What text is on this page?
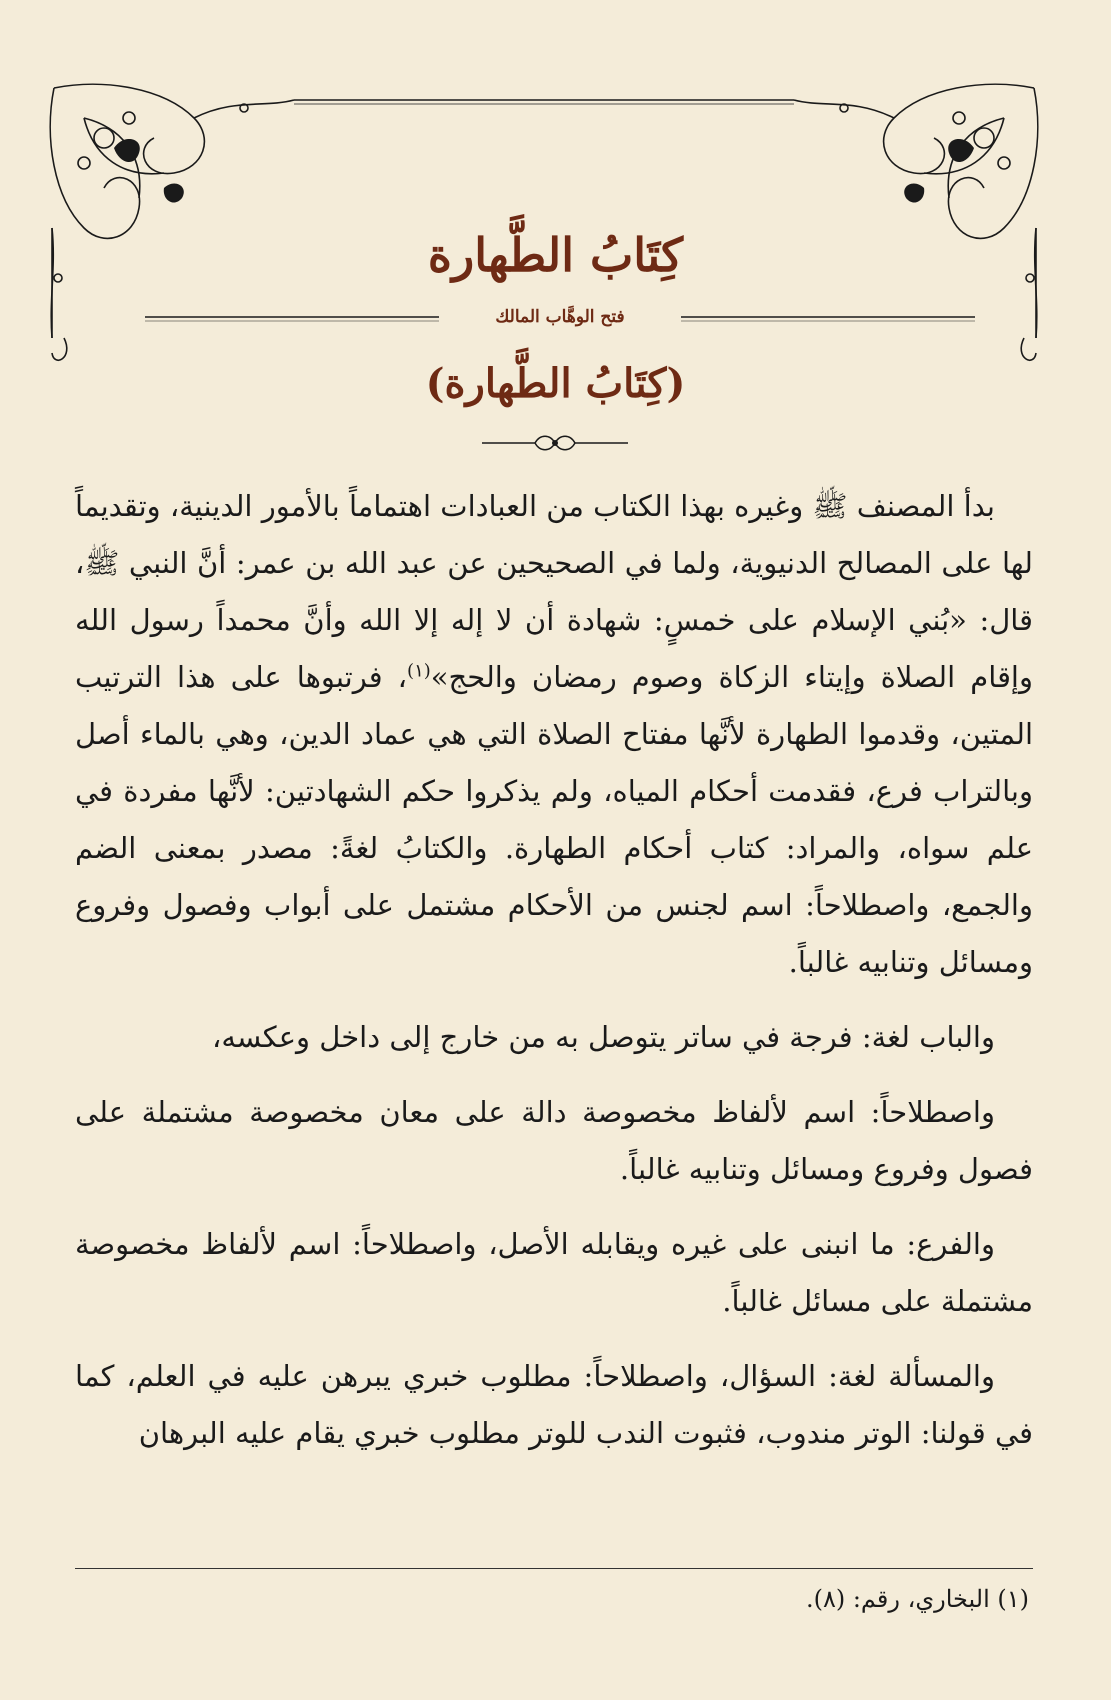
كِتَابُ الطَّهارة
فتح الوهَّاب المالك
(كِتَابُ الطَّهارة)

بدأ المصنف ﷺ وغيره بهذا الكتاب من العبادات اهتماماً بالأمور الدينية، وتقديماً لها على المصالح الدنيوية، ولما في الصحيحين عن عبد الله بن عمر: أنَّ النبي ﷺ، قال: «بُني الإسلام على خمسٍ: شهادة أن لا إله إلا الله وأنَّ محمداً رسول الله وإقام الصلاة وإيتاء الزكاة وصوم رمضان والحج»$^{(١)}$، فرتبوها على هذا الترتيب المتين، وقدموا الطهارة لأنَّها مفتاح الصلاة التي هي عماد الدين، وهي بالماء أصل وبالتراب فرع، فقدمت أحكام المياه، ولم يذكروا حكم الشهادتين: لأنَّها مفردة في علم سواه، والمراد: كتاب أحكام الطهارة. والكتابُ لغةً: مصدر بمعنى الضم والجمع، واصطلاحاً: اسم لجنس من الأحكام مشتمل على أبواب وفصول وفروع ومسائل وتنابيه غالباً.

والباب لغة: فرجة في ساتر يتوصل به من خارج إلى داخل وعكسه،

واصطلاحاً: اسم لألفاظ مخصوصة دالة على معان مخصوصة مشتملة على فصول وفروع ومسائل وتنابيه غالباً.

والفرع: ما انبنى على غيره ويقابله الأصل، واصطلاحاً: اسم لألفاظ مخصوصة مشتملة على مسائل غالباً.

والمسألة لغة: السؤال، واصطلاحاً: مطلوب خبري يبرهن عليه في العلم، كما في قولنا: الوتر مندوب، فثبوت الندب للوتر مطلوب خبري يقام عليه البرهان

(١) البخاري، رقم: (٨).
